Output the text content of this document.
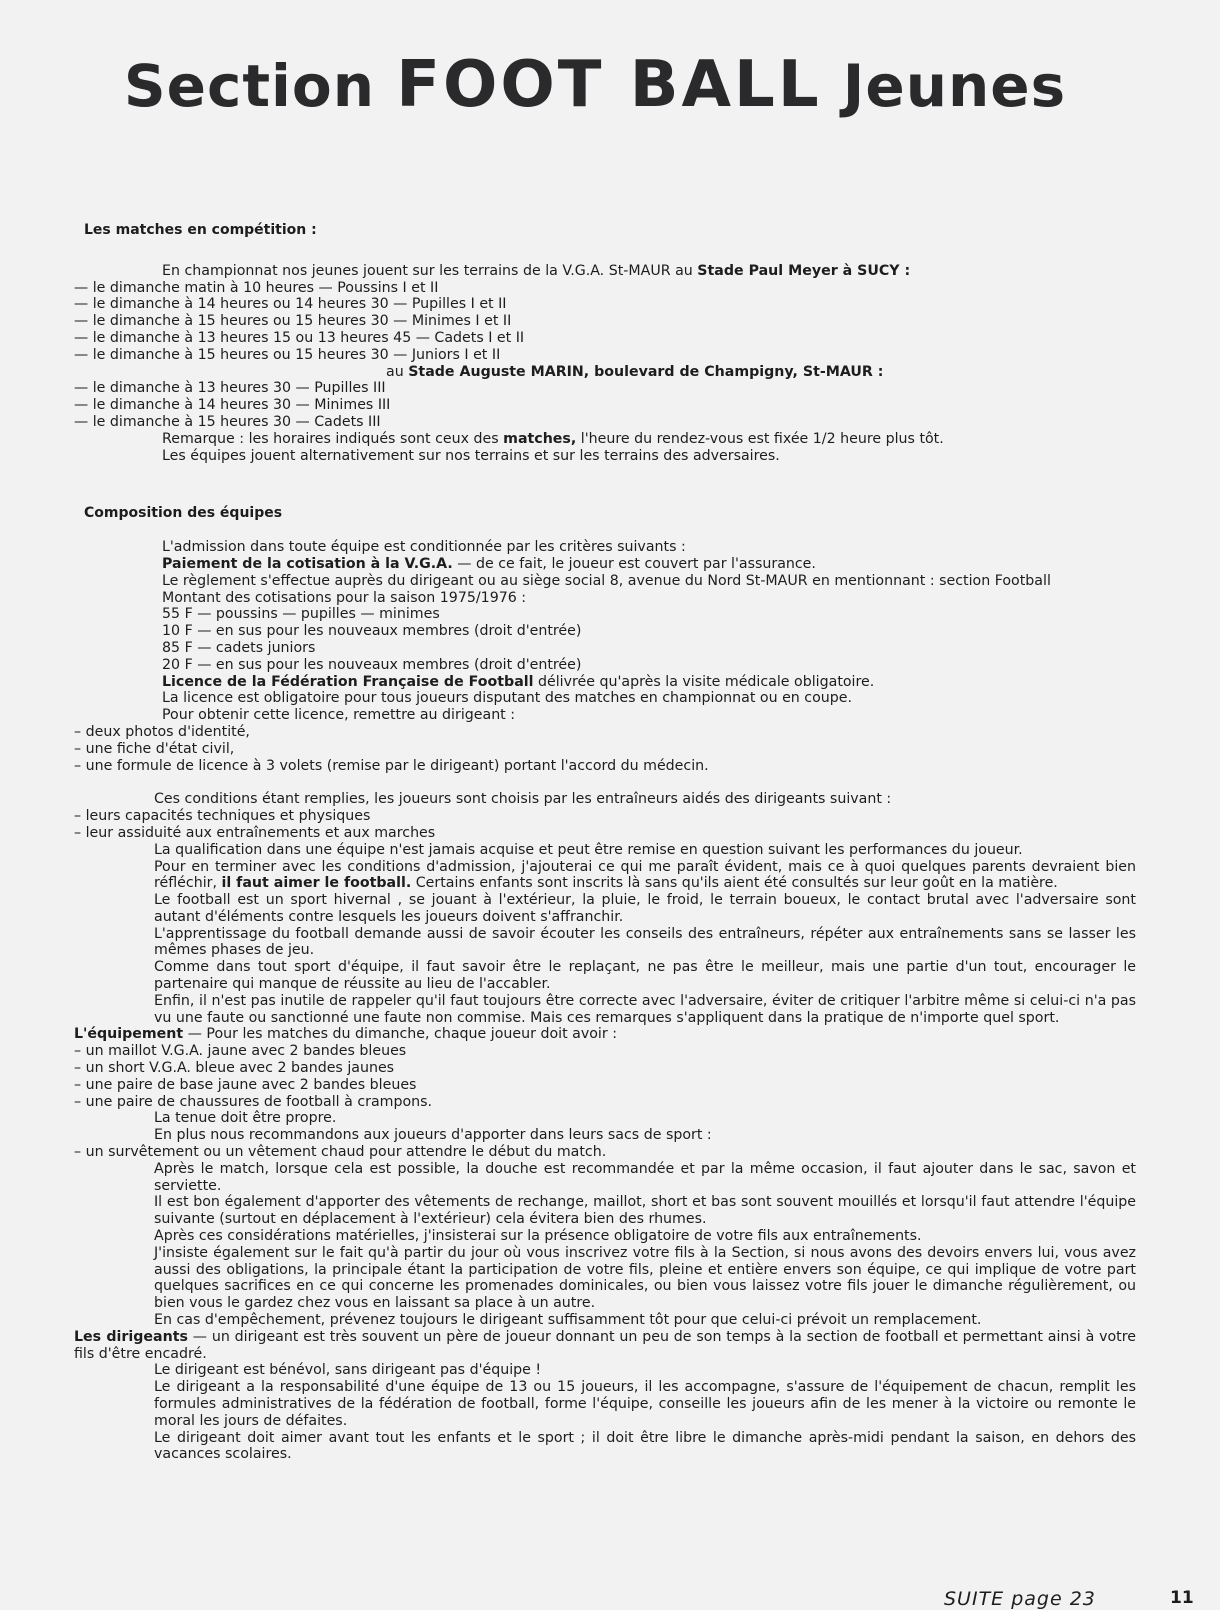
Section FOOT BALL Jeunes

Les matches en compétition :

En championnat nos jeunes jouent sur les terrains de la V.G.A. St-MAUR au Stade Paul Meyer à SUCY :

— le dimanche matin à 10 heures — Poussins I et II

— le dimanche à 14 heures ou 14 heures 30 — Pupilles I et II

— le dimanche à 15 heures ou 15 heures 30 — Minimes I et II

— le dimanche à 13 heures 15 ou 13 heures 45 — Cadets I et II

— le dimanche à 15 heures ou 15 heures 30 — Juniors I et II

au Stade Auguste MARIN, boulevard de Champigny, St-MAUR :

— le dimanche à 13 heures 30 — Pupilles III

— le dimanche à 14 heures 30 — Minimes III

— le dimanche à 15 heures 30 — Cadets III

Remarque : les horaires indiqués sont ceux des matches, l'heure du rendez-vous est fixée 1/2 heure plus tôt.

Les équipes jouent alternativement sur nos terrains et sur les terrains des adversaires.

Composition des équipes

L'admission dans toute équipe est conditionnée par les critères suivants :

Paiement de la cotisation à la V.G.A. — de ce fait, le joueur est couvert par l'assurance.

Le règlement s'effectue auprès du dirigeant ou au siège social 8, avenue du Nord St-MAUR en mentionnant : section Football

Montant des cotisations pour la saison 1975/1976 :

55 F — poussins — pupilles — minimes

10 F — en sus pour les nouveaux membres (droit d'entrée)

85 F — cadets juniors

20 F — en sus pour les nouveaux membres (droit d'entrée)

Licence de la Fédération Française de Football délivrée qu'après la visite médicale obligatoire.

La licence est obligatoire pour tous joueurs disputant des matches en championnat ou en coupe.

Pour obtenir cette licence, remettre au dirigeant :

– deux photos d'identité,

– une fiche d'état civil,

– une formule de licence à 3 volets (remise par le dirigeant) portant l'accord du médecin.

Ces conditions étant remplies, les joueurs sont choisis par les entraîneurs aidés des dirigeants suivant :

– leurs capacités techniques et physiques

– leur assiduité aux entraînements et aux marches

La qualification dans une équipe n'est jamais acquise et peut être remise en question suivant les performances du joueur.

Pour en terminer avec les conditions d'admission, j'ajouterai ce qui me paraît évident, mais ce à quoi quelques parents devraient bien réfléchir, il faut aimer le football. Certains enfants sont inscrits là sans qu'ils aient été consultés sur leur goût en la matière.

Le football est un sport hivernal , se jouant à l'extérieur, la pluie, le froid, le terrain boueux, le contact brutal avec l'adversaire sont autant d'éléments contre lesquels les joueurs doivent s'affranchir.

L'apprentissage du football demande aussi de savoir écouter les conseils des entraîneurs, répéter aux entraînements sans se lasser les mêmes phases de jeu.

Comme dans tout sport d'équipe, il faut savoir être le replaçant, ne pas être le meilleur, mais une partie d'un tout, encourager le partenaire qui manque de réussite au lieu de l'accabler.

Enfin, il n'est pas inutile de rappeler qu'il faut toujours être correcte avec l'adversaire, éviter de critiquer l'arbitre même si celui-ci n'a pas vu une faute ou sanctionné une faute non commise. Mais ces remarques s'appliquent dans la pratique de n'importe quel sport.

L'équipement — Pour les matches du dimanche, chaque joueur doit avoir :

– un maillot V.G.A. jaune avec 2 bandes bleues

– un short V.G.A. bleue avec 2 bandes jaunes

– une paire de base jaune avec 2 bandes bleues

– une paire de chaussures de football à crampons.

La tenue doit être propre.

En plus nous recommandons aux joueurs d'apporter dans leurs sacs de sport :

– un survêtement ou un vêtement chaud pour attendre le début du match.

Après le match, lorsque cela est possible, la douche est recommandée et par la même occasion, il faut ajouter dans le sac, savon et serviette.

Il est bon également d'apporter des vêtements de rechange, maillot, short et bas sont souvent mouillés et lorsqu'il faut attendre l'équipe suivante (surtout en déplacement à l'extérieur) cela évitera bien des rhumes.

Après ces considérations matérielles, j'insisterai sur la présence obligatoire de votre fils aux entraînements.

J'insiste également sur le fait qu'à partir du jour où vous inscrivez votre fils à la Section, si nous avons des devoirs envers lui, vous avez aussi des obligations, la principale étant la participation de votre fils, pleine et entière envers son équipe, ce qui implique de votre part quelques sacrifices en ce qui concerne les promenades dominicales, ou bien vous laissez votre fils jouer le dimanche régulièrement, ou bien vous le gardez chez vous en laissant sa place à un autre.

En cas d'empêchement, prévenez toujours le dirigeant suffisamment tôt pour que celui-ci prévoit un remplacement.

Les dirigeants — un dirigeant est très souvent un père de joueur donnant un peu de son temps à la section de football et permettant ainsi à votre fils d'être encadré.

Le dirigeant est bénévol, sans dirigeant pas d'équipe !

Le dirigeant a la responsabilité d'une équipe de 13 ou 15 joueurs, il les accompagne, s'assure de l'équipement de chacun, remplit les formules administratives de la fédération de football, forme l'équipe, conseille les joueurs afin de les mener à la victoire ou remonte le moral les jours de défaites.

Le dirigeant doit aimer avant tout les enfants et le sport ; il doit être libre le dimanche après-midi pendant la saison, en dehors des vacances scolaires.

SUITE page 23	11
